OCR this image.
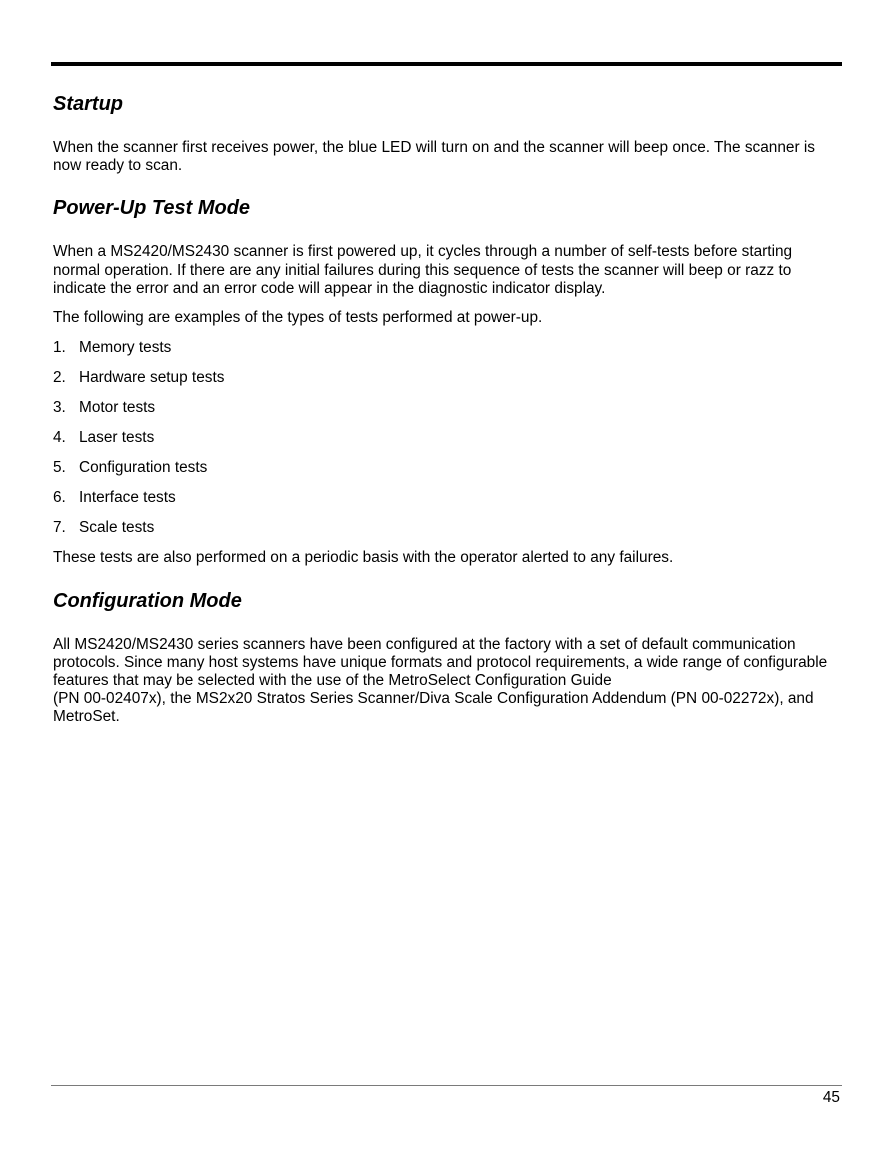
Startup

When the scanner first receives power, the blue LED will turn on and the scanner will beep once. The scanner is now ready to scan.

Power-Up Test Mode

When a MS2420/MS2430 scanner is first powered up, it cycles through a number of self-tests before starting normal operation. If there are any initial failures during this sequence of tests the scanner will beep or razz to indicate the error and an error code will appear in the diagnostic indicator display.

The following are examples of the types of tests performed at power-up.

1. Memory tests
2. Hardware setup tests
3. Motor tests
4. Laser tests
5. Configuration tests
6. Interface tests
7. Scale tests

These tests are also performed on a periodic basis with the operator alerted to any failures.

Configuration Mode

All MS2420/MS2430 series scanners have been configured at the factory with a set of default communication protocols. Since many host systems have unique formats and protocol requirements, a wide range of configurable features that may be selected with the use of the MetroSelect Configuration Guide
(PN 00-02407x), the MS2x20 Stratos Series Scanner/Diva Scale Configuration Addendum (PN 00-02272x), and MetroSet.

45
